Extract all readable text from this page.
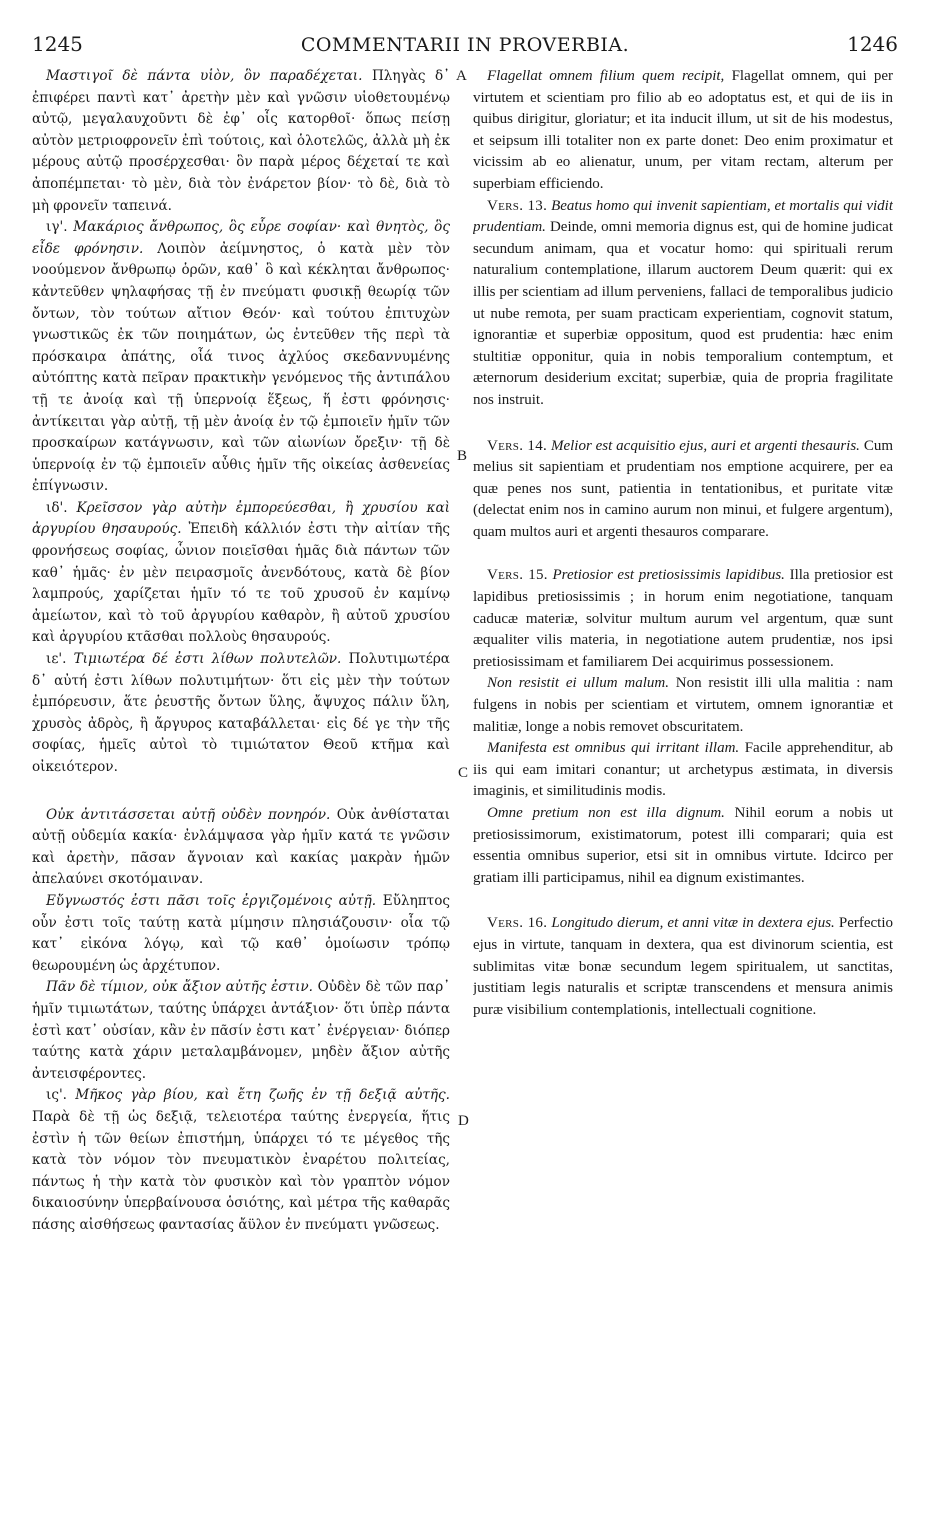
1245	COMMENTARII IN PROVERBIA.	1246
A
B
C
D

Μαστιγοῖ δὲ πάντα υἱὸν, ὃν παραδέχεται. Πληγὰς δ᾽ ἐπιφέρει παντὶ κατ᾽ ἀρετὴν μὲν καὶ γνῶσιν υἱοθετουμένῳ αὐτῷ, μεγαλαυχοῦντι δὲ ἐφ᾽ οἷς κατορθοῖ· ὅπως πείσῃ αὐτὸν μετριοφρονεῖν ἐπὶ τούτοις, καὶ ὁλοτελῶς, ἀλλὰ μὴ ἐκ μέρους αὐτῷ προσέρχεσθαι· ὃν παρὰ μέρος δέχεταί τε καὶ ἀποπέμπεται· τὸ μὲν, διὰ τὸν ἐνάρετον βίον· τὸ δὲ, διὰ τὸ μὴ φρονεῖν ταπεινά.

ιγ'. Μακάριος ἄνθρωπος, ὃς εὗρε σοφίαν· καὶ θνητὸς, ὃς εἶδε φρόνησιν. Λοιπὸν ἀείμνηστος, ὁ κατὰ μὲν τὸν νοούμενον ἄνθρωπῳ ὁρῶν, καθ᾽ ὃ καὶ κέκληται ἄνθρωπος· κἀντεῦθεν ψηλαφήσας τῇ ἐν πνεύματι φυσικῇ θεωρίᾳ τῶν ὄντων, τὸν τούτων αἴτιον Θεόν· καὶ τούτου ἐπιτυχὼν γνωστικῶς ἐκ τῶν ποιημάτων, ὡς ἐντεῦθεν τῆς περὶ τὰ πρόσκαιρα ἀπάτης, οἷά τινος ἀχλύος σκεδαννυμένης αὐτόπτης κατὰ πεῖραν πρακτικὴν γενόμενος τῆς ἀντιπάλου τῇ τε ἀνοίᾳ καὶ τῇ ὑπερνοίᾳ ἕξεως, ἥ ἐστι φρόνησις· ἀντίκειται γὰρ αὐτῇ, τῇ μὲν ἀνοίᾳ ἐν τῷ ἐμποιεῖν ἡμῖν τῶν προσκαίρων κατάγνωσιν, καὶ τῶν αἰωνίων ὄρεξιν· τῇ δὲ ὑπερνοίᾳ ἐν τῷ ἐμποιεῖν αὖθις ἡμῖν τῆς οἰκείας ἀσθενείας ἐπίγνωσιν.

ιδ'. Κρεῖσσον γὰρ αὐτὴν ἐμπορεύεσθαι, ἢ χρυσίου καὶ ἀργυρίου θησαυρούς. Ἐπειδὴ κάλλιόν ἐστι τὴν αἰτίαν τῆς φρονήσεως σοφίας, ὧνιον ποιεῖσθαι ἡμᾶς διὰ πάντων τῶν καθ᾽ ἡμᾶς· ἐν μὲν πειρασμοῖς ἀνενδότους, κατὰ δὲ βίον λαμπρούς, χαρίζεται ἡμῖν τό τε τοῦ χρυσοῦ ἐν καμίνῳ ἀμείωτον, καὶ τὸ τοῦ ἀργυρίου καθαρὸν, ἢ αὐτοῦ χρυσίου καὶ ἀργυρίου κτᾶσθαι πολλοὺς θησαυρούς.

ιε'. Τιμιωτέρα δέ ἐστι λίθων πολυτελῶν. Πολυτιμωτέρα δ᾽ αὐτή ἐστι λίθων πολυτιμήτων· ὅτι εἰς μὲν τὴν τούτων ἐμπόρευσιν, ἅτε ῥευστῆς ὄντων ὕλης, ἄψυχος πάλιν ὕλη, χρυσὸς ἀδρὸς, ἢ ἄργυρος καταβάλλεται· εἰς δέ γε τὴν τῆς σοφίας, ἡμεῖς αὐτοὶ τὸ τιμιώτατον Θεοῦ κτῆμα καὶ οἰκειότερον.

Οὐκ ἀντιτάσσεται αὐτῇ οὐδὲν πονηρόν. Οὐκ ἀνθίσταται αὐτῇ οὐδεμία κακία· ἐνλάμψασα γὰρ ἡμῖν κατά τε γνῶσιν καὶ ἀρετὴν, πᾶσαν ἄγνοιαν καὶ κακίας μακρὰν ἡμῶν ἀπελαύνει σκοτόμαιναν.

Εὔγνωστός ἐστι πᾶσι τοῖς ἐργιζομένοις αὐτῇ. Εὔληπτος οὖν ἐστι τοῖς ταύτῃ κατὰ μίμησιν πλησιάζουσιν· οἷα τῷ κατ᾽ εἰκόνα λόγῳ, καὶ τῷ καθ᾽ ὁμοίωσιν τρόπῳ θεωρουμένη ὡς ἀρχέτυπον.

Πᾶν δὲ τίμιον, οὐκ ἄξιον αὐτῆς ἐστιν. Οὐδὲν δὲ τῶν παρ᾽ ἡμῖν τιμιωτάτων, ταύτης ὑπάρχει ἀντάξιον· ὅτι ὑπὲρ πάντα ἐστὶ κατ᾽ οὐσίαν, κἂν ἐν πᾶσίν ἐστι κατ᾽ ἐνέργειαν· διόπερ ταύτης κατὰ χάριν μεταλαμβάνομεν, μηδὲν ἄξιον αὐτῆς ἀντεισφέροντες.

ις'. Μῆκος γὰρ βίου, καὶ ἔτη ζωῆς ἐν τῇ δεξιᾷ αὐτῆς. Παρὰ δὲ τῇ ὡς δεξιᾷ, τελειοτέρα ταύτης ἐνεργεία, ἥτις ἐστὶν ἡ τῶν θείων ἐπιστήμη, ὑπάρχει τό τε μέγεθος τῆς κατὰ τὸν νόμον τὸν πνευματικὸν ἐναρέτου πολιτείας, πάντως ἡ τὴν κατὰ τὸν φυσικὸν καὶ τὸν γραπτὸν νόμον δικαιοσύνην ὑπερβαίνουσα ὁσιότης, καὶ μέτρα τῆς καθαρᾶς πάσης αἰσθήσεως φαντασίας ἄϋλον ἐν πνεύματι γνῶσεως.

Flagellat omnem filium quem recipit, Flagellat omnem, qui per virtutem et scientiam pro filio ab eo adoptatus est, et qui de iis in quibus dirigitur, gloriatur; et ita inducit illum, ut sit de his modestus, et seipsum illi totaliter non ex parte donet: Deo enim proximatur et vicissim ab eo alienatur, unum, per vitam rectam, alterum per superbiam efficiendo.

Vers. 13. Beatus homo qui invenit sapientiam, et mortalis qui vidit prudentiam. Deinde, omni memoria dignus est, qui de homine judicat secundum animam, qua et vocatur homo: qui spirituali rerum naturalium contemplatione, illarum auctorem Deum quærit: qui ex illis per scientiam ad illum perveniens, fallaci de temporalibus judicio ut nube remota, per suam practicam experientiam, cognovit statum, ignorantiæ et superbiæ oppositum, quod est prudentia: hæc enim stultitiæ opponitur, quia in nobis temporalium contemptum, et æternorum desiderium excitat; superbiæ, quia de propria fragilitate nos instruit.

Vers. 14. Melior est acquisitio ejus, auri et argenti thesauris. Cum melius sit sapientiam et prudentiam nos emptione acquirere, per ea quæ penes nos sunt, patientia in tentationibus, et puritate vitæ (delectat enim nos in camino aurum non minui, et fulgere argentum), quam multos auri et argenti thesauros comparare.

Vers. 15. Pretiosior est pretiosissimis lapidibus. Illa pretiosior est lapidibus pretiosissimis ; in horum enim negotiatione, tanquam caducæ materiæ, solvitur multum aurum vel argentum, quæ sunt æqualiter vilis materia, in negotiatione autem prudentiæ, nos ipsi pretiosissimam et familiarem Dei acquirimus possessionem.

Non resistit ei ullum malum. Non resistit illi ulla malitia : nam fulgens in nobis per scientiam et virtutem, omnem ignorantiæ et malitiæ, longe a nobis removet obscuritatem.

Manifesta est omnibus qui irritant illam. Facile apprehenditur, ab iis qui eam imitari conantur; ut archetypus æstimata, in diversis imaginis, et similitudinis modis.

Omne pretium non est illa dignum. Nihil eorum a nobis ut pretiosissimorum, existimatorum, potest illi comparari; quia est essentia omnibus superior, etsi sit in omnibus virtute. Idcirco per gratiam illi participamus, nihil ea dignum existimantes.

Vers. 16. Longitudo dierum, et anni vitæ in dextera ejus. Perfectio ejus in virtute, tanquam in dextera, qua est divinorum scientia, est sublimitas vitæ bonæ secundum legem spiritualem, ut sanctitas, justitiam legis naturalis et scriptæ transcendens et mensura animis puræ visibilium contemplationis, intellectuali cognitione.
